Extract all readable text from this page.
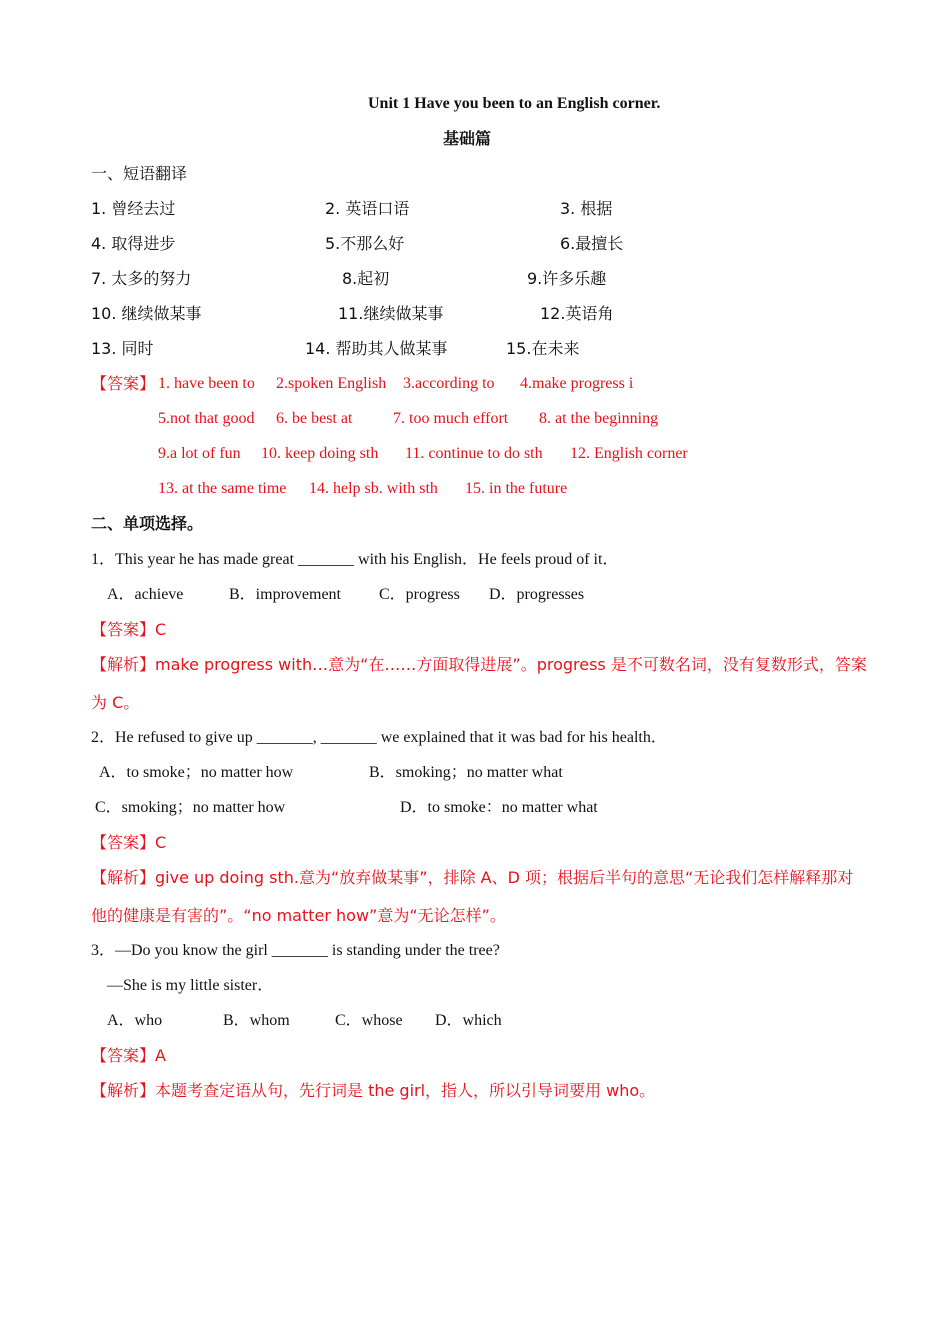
Unit 1 Have you been to an English corner.
基础篇
一、短语翻译
1. 曾经去过	2. 英语口语	3. 根据
4. 取得进步	5.不那么好	6.最擅长
7. 太多的努力	8.起初	9.许多乐趣
10. 继续做某事	11.继续做某事	12.英语角
13. 同时	14. 帮助其人做某事	15.在未来
【答案】 1. have been to 2.spoken English 3.according to 4.make progress i
5.not that good 6. be best at	7. too much effort 8. at the beginning
9.a lot of fun 10. keep doing sth 11. continue to do sth 12. English corner
13. at the same time 14. help sb. with sth 15. in the future
二、单项选择。
1．This year he has made great _______ with his English．He feels proud of it．
A．achieve	B．improvement C．progress D．progresses
【答案】C
【解析】make progress with…意为“在……方面取得进展”。progress 是不可数名词，没有复数形式，答案
为 C。
2．He refused to give up _______, _______ we explained that it was bad for his health．
A．to smoke；no matter how	B．smoking；no matter what
C．smoking；no matter how	D．to smoke：no matter what
【答案】C
【解析】give up doing sth.意为“放弃做某事”，排除 A、D 项；根据后半句的意思“无论我们怎样解释那对
他的健康是有害的”。“no matter how”意为“无论怎样”。
3．—Do you know the girl _______ is standing under the tree?
—She is my little sister．
A．who	B．whom	C．whose D．which
【答案】A
【解析】本题考查定语从句，先行词是 the girl，指人，所以引导词要用 who。
